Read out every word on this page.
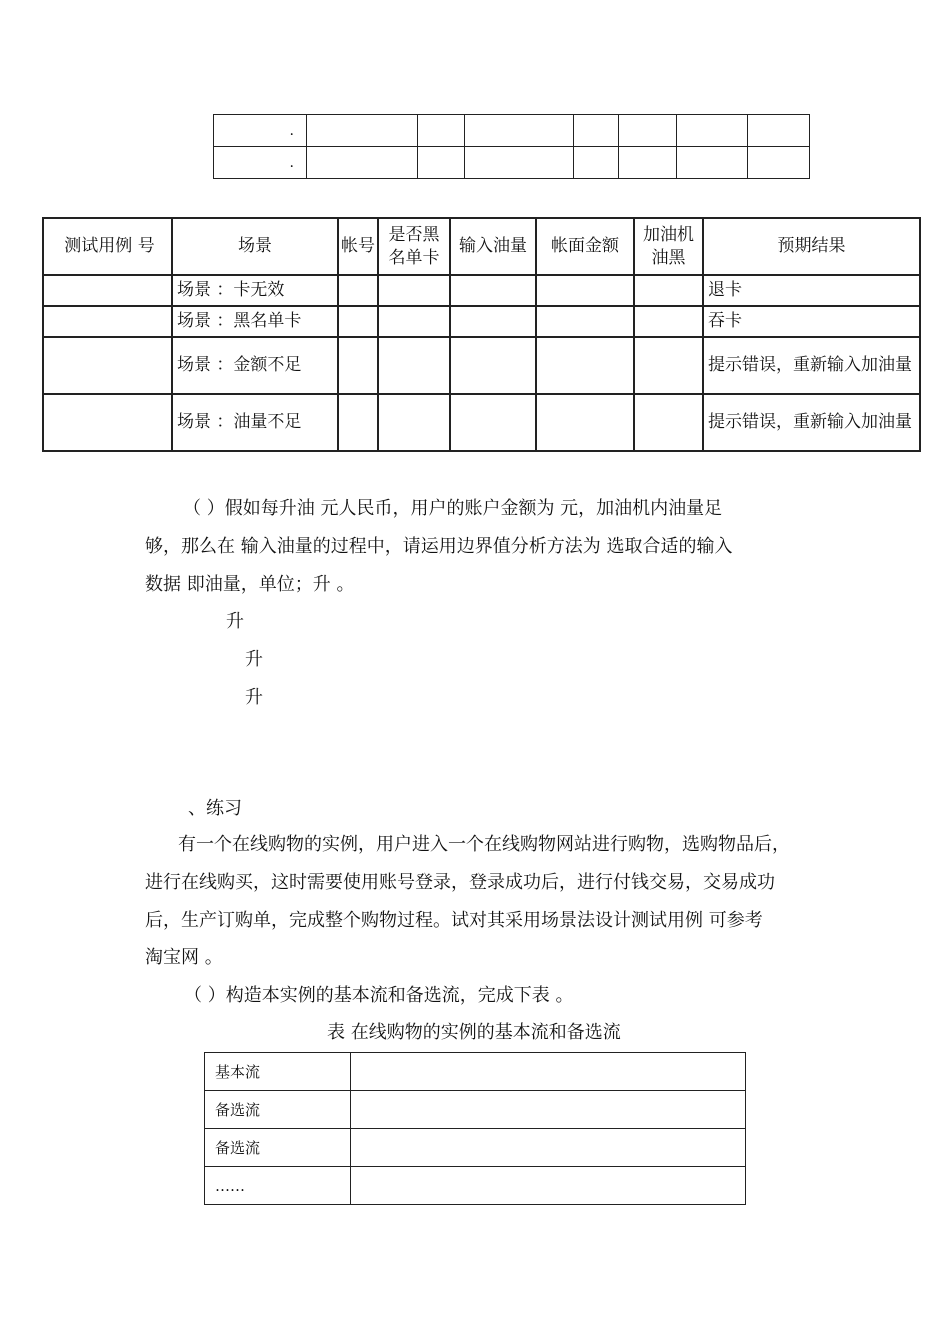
.							
.							
测试用例 号	场景	帐号	是否黑名单卡	输入油量	帐面金额	加油机油黑	预期结果
	场景 ：卡无效						退卡
	场景 ：黑名单卡						吞卡
	场景 ：金额不足						提示错误，重新输入加油量
	场景 ：油量不足						提示错误，重新输入加油量
（ ）假如每升油 元人民币，用户的账户金额为 元，加油机内油量足
够，那么在 输入油量的过程中，请运用边界值分析方法为 选取合适的输入
数据 即油量，单位；升 。
升
升
升
、练习
有一个在线购物的实例，用户进入一个在线购物网站进行购物，选购物品后，
进行在线购买，这时需要使用账号登录，登录成功后，进行付钱交易，交易成功
后，生产订购单，完成整个购物过程。试对其采用场景法设计测试用例 可参考
淘宝网 。
（ ）构造本实例的基本流和备选流，完成下表 。
表 在线购物的实例的基本流和备选流
基本流	
备选流	
备选流	
……	
